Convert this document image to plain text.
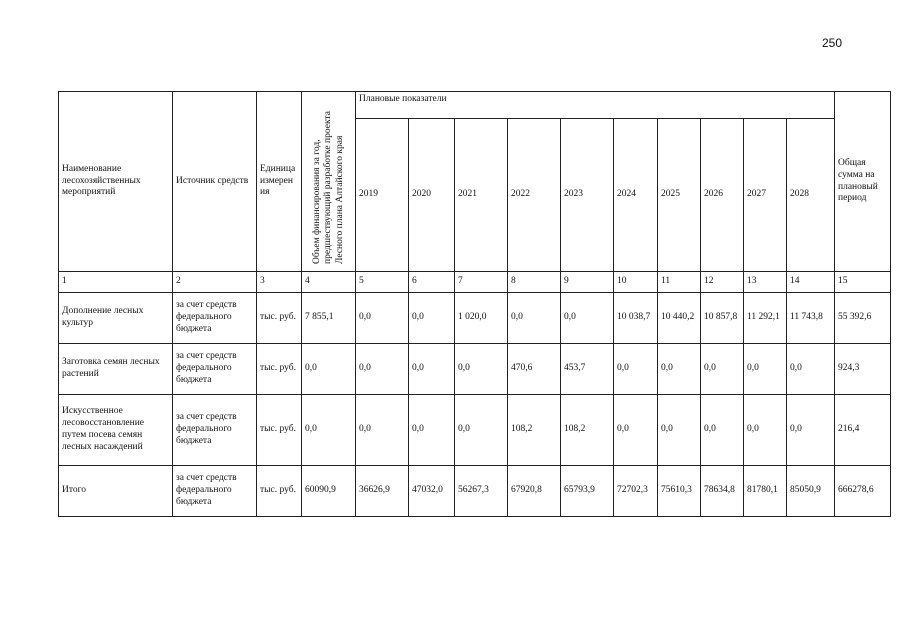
250
Наименование лесохозяйственных мероприятий	Источник средств	Единица измерен ия	Объем финансирования за год, предшествующий разработке проекта Лесного плана Алтайского края	Плановые показатели										Общая сумма на плановый период
				2019	2020	2021	2022	2023	2024	2025	2026	2027	2028	
1	2	3	4	5	6	7	8	9	10	11	12	13	14	15
Дополнение лесных культур	за счет средств федерального бюджета	тыс. руб.	7 855,1	0,0	0,0	1 020,0	0,0	0,0	10 038,7	10 440,2	10 857,8	11 292,1	11 743,8	55 392,6
Заготовка семян лесных растений	за счет средств федерального бюджета	тыс. руб.	0,0	0,0	0,0	0,0	470,6	453,7	0,0	0,0	0,0	0,0	0,0	924,3
Искусственное лесовосстановление путем посева семян лесных насаждений	за счет средств федерального бюджета	тыс. руб.	0,0	0,0	0,0	0,0	108,2	108,2	0,0	0,0	0,0	0,0	0,0	216,4
Итого	за счет средств федерального бюджета	тыс. руб.	60090,9	36626,9	47032,0	56267,3	67920,8	65793,9	72702,3	75610,3	78634,8	81780,1	85050,9	666278,6
